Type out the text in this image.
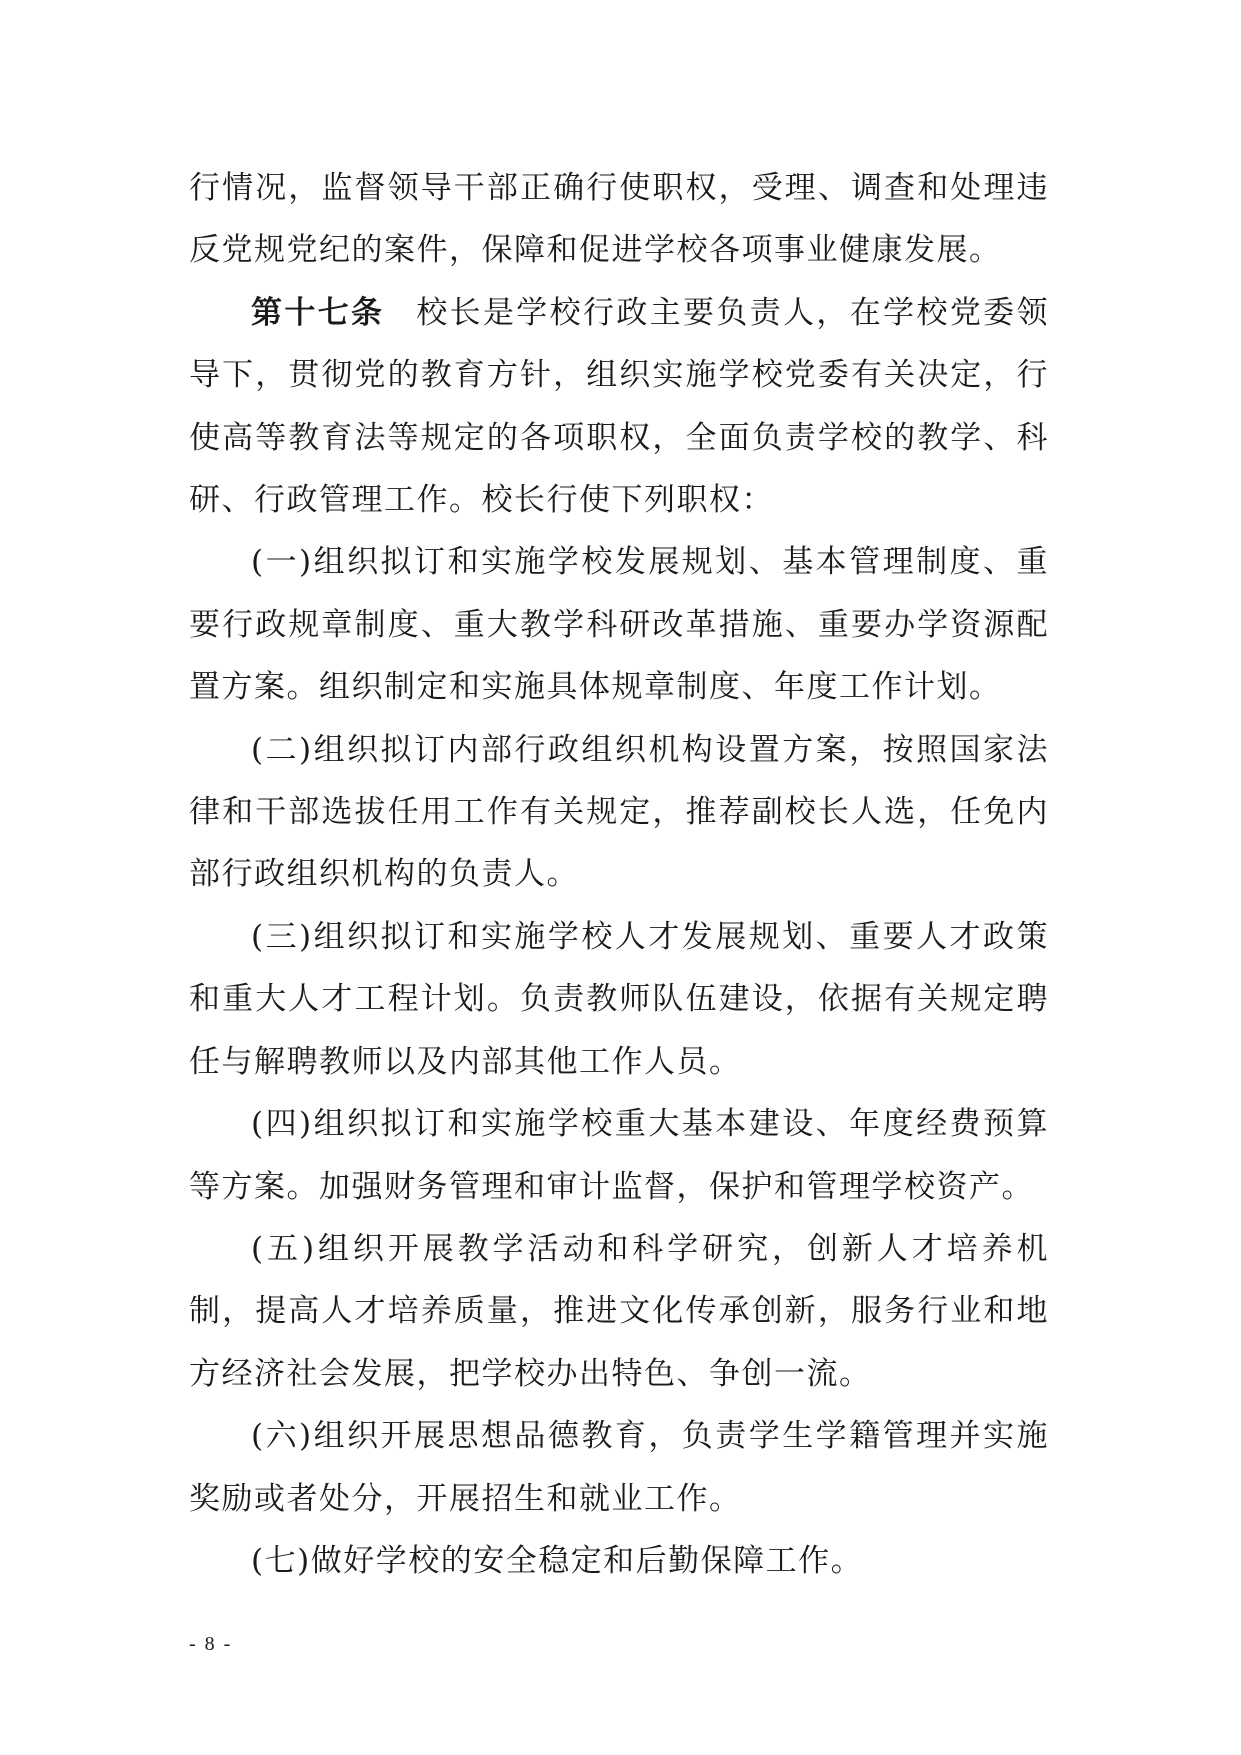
行情况，监督领导干部正确行使职权，受理、调查和处理违反党规党纪的案件，保障和促进学校各项事业健康发展。

第十七条 校长是学校行政主要负责人，在学校党委领导下，贯彻党的教育方针，组织实施学校党委有关决定，行使高等教育法等规定的各项职权，全面负责学校的教学、科研、行政管理工作。校长行使下列职权：

(一)组织拟订和实施学校发展规划、基本管理制度、重要行政规章制度、重大教学科研改革措施、重要办学资源配置方案。组织制定和实施具体规章制度、年度工作计划。

(二)组织拟订内部行政组织机构设置方案，按照国家法律和干部选拔任用工作有关规定，推荐副校长人选，任免内部行政组织机构的负责人。

(三)组织拟订和实施学校人才发展规划、重要人才政策和重大人才工程计划。负责教师队伍建设，依据有关规定聘任与解聘教师以及内部其他工作人员。

(四)组织拟订和实施学校重大基本建设、年度经费预算等方案。加强财务管理和审计监督，保护和管理学校资产。

(五)组织开展教学活动和科学研究，创新人才培养机制，提高人才培养质量，推进文化传承创新，服务行业和地方经济社会发展，把学校办出特色、争创一流。

(六)组织开展思想品德教育，负责学生学籍管理并实施奖励或者处分，开展招生和就业工作。

(七)做好学校的安全稳定和后勤保障工作。

- 8 -
